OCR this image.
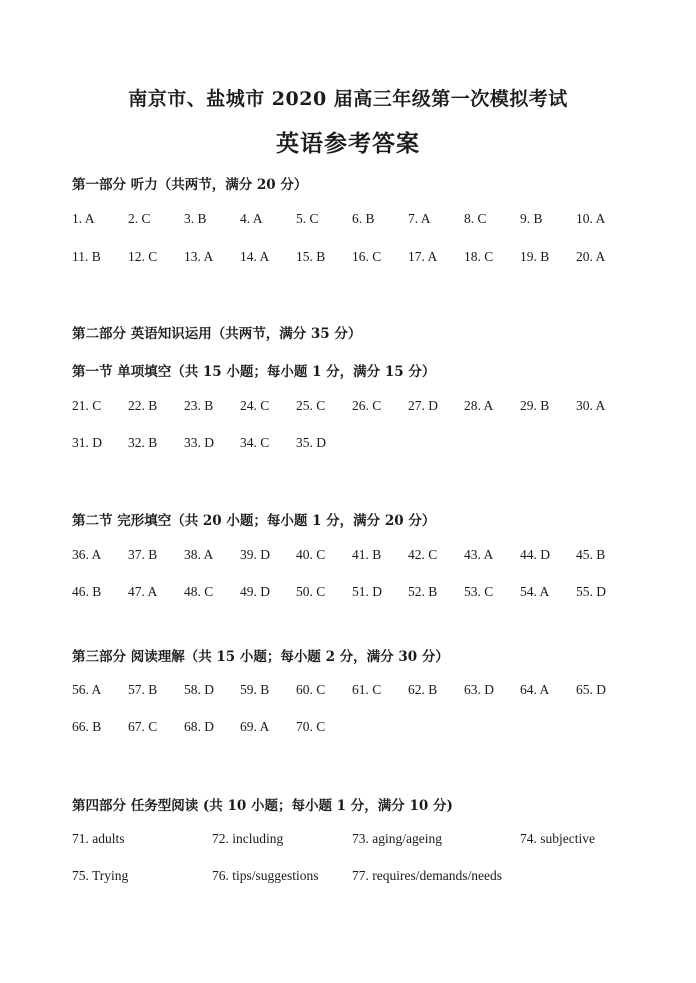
南京市、盐城市 2020 届高三年级第一次模拟考试
英语参考答案
第一部分 听力（共两节，满分 20 分）
1. A 2. C 3. B 4. A 5. C 6. B 7. A 8. C 9. B 10. A
11. B 12. C 13. A 14. A 15. B 16. C 17. A 18. C 19. B 20. A
第二部分 英语知识运用（共两节，满分 35 分）
第一节 单项填空（共 15 小题；每小题 1 分，满分 15 分）
21. C 22. B 23. B 24. C 25. C 26. C 27. D 28. A 29. B 30. A
31. D 32. B 33. D 34. C 35. D
第二节 完形填空（共 20 小题；每小题 1 分，满分 20 分）
36. A 37. B 38. A 39. D 40. C 41. B 42. C 43. A 44. D 45. B
46. B 47. A 48. C 49. D 50. C 51. D 52. B 53. C 54. A 55. D
第三部分 阅读理解（共 15 小题；每小题 2 分，满分 30 分）
56. A 57. B 58. D 59. B 60. C 61. C 62. B 63. D 64. A 65. D
66. B 67. C 68. D 69. A 70. C
第四部分 任务型阅读 (共 10 小题；每小题 1 分，满分 10 分)
71. adults	72. including	73. aging/ageing	74. subjective
75. Trying	76. tips/suggestions 77. requires/demands/needs
